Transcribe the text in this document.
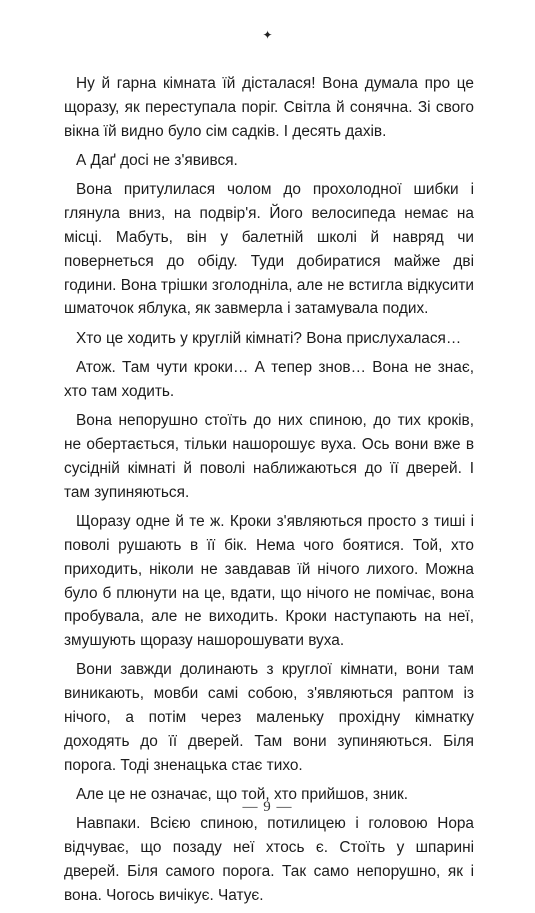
✦

Ну й гарна кімната їй дісталася! Вона думала про це щоразу, як переступала поріг. Світла й сонячна. Зі свого вікна їй видно було сім садків. І десять дахів.

А Даґ досі не з'явився.

Вона притулилася чолом до прохолодної шибки і глянула вниз, на подвір'я. Його велосипеда немає на місці. Мабуть, він у балетній школі й навряд чи повернеться до обіду. Туди добиратися майже дві години. Вона трішки зголодніла, але не встигла відкусити шматочок яблука, як завмерла і затамувала подих.

Хто це ходить у круглій кімнаті? Вона прислухалася…

Атож. Там чути кроки… А тепер знов… Вона не знає, хто там ходить.

Вона непорушно стоїть до них спиною, до тих кроків, не обертається, тільки нашорошує вуха. Ось вони вже в сусідній кімнаті й поволі наближаються до її дверей. І там зупиняються.

Щоразу одне й те ж. Кроки з'являються просто з тиші і поволі рушають в її бік. Нема чого боятися. Той, хто приходить, ніколи не завдавав їй нічого лихого. Можна було б плюнути на це, вдати, що нічого не помічає, вона пробувала, але не виходить. Кроки наступають на неї, змушують щоразу нашорошувати вуха.

Вони завжди долинають з круглої кімнати, вони там виникають, мовби самі собою, з'являються раптом із нічого, а потім через маленьку прохідну кімнатку доходять до її дверей. Там вони зупиняються. Біля порога. Тоді зненацька стає тихо.

Але це не означає, що той, хто прийшов, зник.

Навпаки. Всією спиною, потилицею і головою Нора відчуває, що позаду неї хтось є. Стоїть у шпарині дверей. Біля самого порога. Так само непорушно, як і вона. Чогось вичікує. Чатує.

— 9 —
